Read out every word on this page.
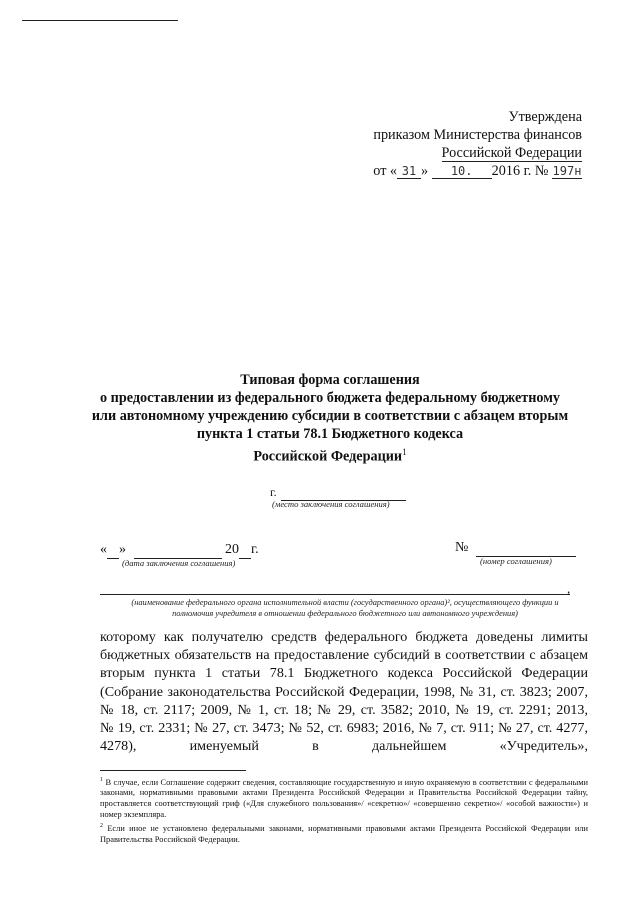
Утверждена
приказом Министерства финансов
Российской Федерации
от « 31 » 10. 2016 г. № 197н
Типовая форма соглашения
о предоставлении из федерального бюджета федеральному бюджетному
или автономному учреждению субсидии в соответствии с абзацем вторым
пункта 1 статьи 78.1 Бюджетного кодекса
Российской Федерации$^1$
г.
(место заключения соглашения)
« »	20 г.
(дата заключения соглашения)
№
(номер соглашения)
,
(наименование федерального органа исполнительной власти (государственного органа)², осуществляющего функции и
полномочия учредителя в отношении федерального бюджетного или автономного учреждения)
которому как получателю средств федерального бюджета доведены лимиты
бюджетных обязательств на предоставление субсидий в соответствии с абзацем
вторым пункта 1 статьи 78.1 Бюджетного кодекса Российской Федерации
(Собрание законодательства Российской Федерации, 1998, № 31, ст. 3823; 2007,
№ 18, ст. 2117; 2009, № 1, ст. 18; № 29, ст. 3582; 2010, № 19, ст. 2291; 2013,
№ 19, ст. 2331; № 27, ст. 3473; № 52, ст. 6983; 2016, № 7, ст. 911; № 27, ст. 4277,
4278),	именуемый	в	дальнейшем	«Учредитель»,

$^1$ В случае, если Соглашение содержит сведения, составляющие государственную и иную охраняемую в соответствии с федеральными законами, нормативными правовыми актами Президента Российской Федерации и Правительства Российской Федерации тайну, проставляется соответствующий гриф («Для служебного пользования»/ «секретно»/ «совершенно секретно»/ «особой важности») и номер экземпляра.

$^2$ Если иное не установлено федеральными законами, нормативными правовыми актами Президента Российской Федерации или Правительства Российской Федерации.
